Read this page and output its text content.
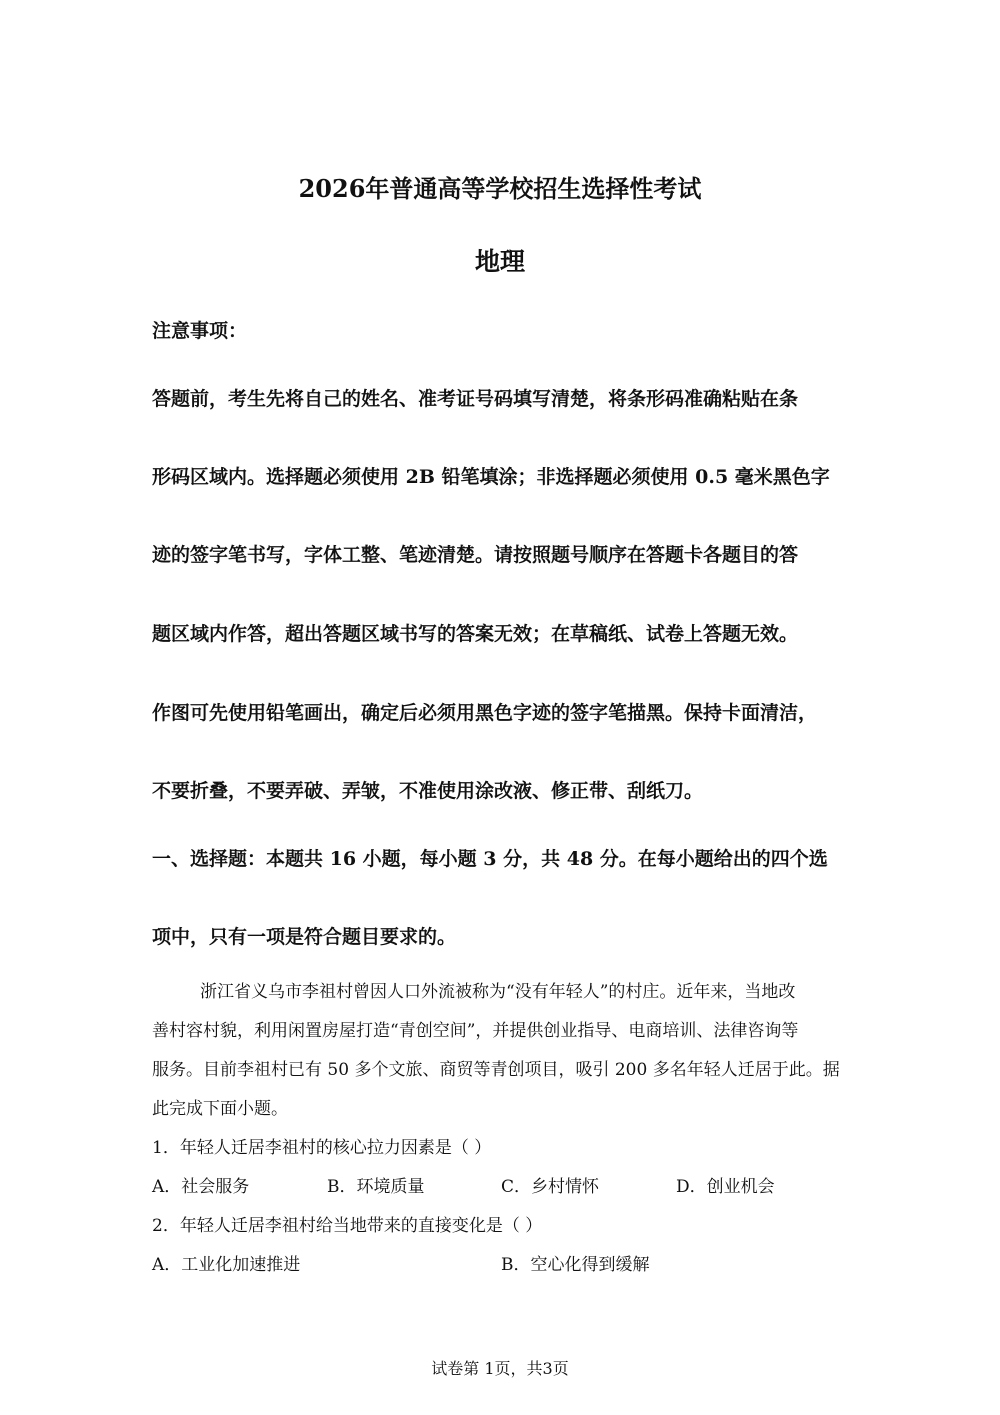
2026年普通高等学校招生选择性考试
地理
注意事项：
答题前，考生先将自己的姓名、准考证号码填写清楚，将条形码准确粘贴在条
形码区域内。选择题必须使用 2B 铅笔填涂；非选择题必须使用 0.5 毫米黑色字
迹的签字笔书写，字体工整、笔迹清楚。请按照题号顺序在答题卡各题目的答
题区域内作答，超出答题区域书写的答案无效；在草稿纸、试卷上答题无效。
作图可先使用铅笔画出，确定后必须用黑色字迹的签字笔描黑。保持卡面清洁，
不要折叠，不要弄破、弄皱，不准使用涂改液、修正带、刮纸刀。
一、选择题：本题共 16 小题，每小题 3 分，共 48 分。在每小题给出的四个选
项中，只有一项是符合题目要求的。
浙江省义乌市李祖村曾因人口外流被称为“没有年轻人”的村庄。近年来，当地改
善村容村貌，利用闲置房屋打造“青创空间”，并提供创业指导、电商培训、法律咨询等
服务。目前李祖村已有 50 多个文旅、商贸等青创项目，吸引 200 多名年轻人迁居于此。据
此完成下面小题。
1．年轻人迁居李祖村的核心拉力因素是（ ）
A．社会服务	B．环境质量	C．乡村情怀	D．创业机会
2．年轻人迁居李祖村给当地带来的直接变化是（ ）
A．工业化加速推进	B．空心化得到缓解
试卷第 1页，共3页
